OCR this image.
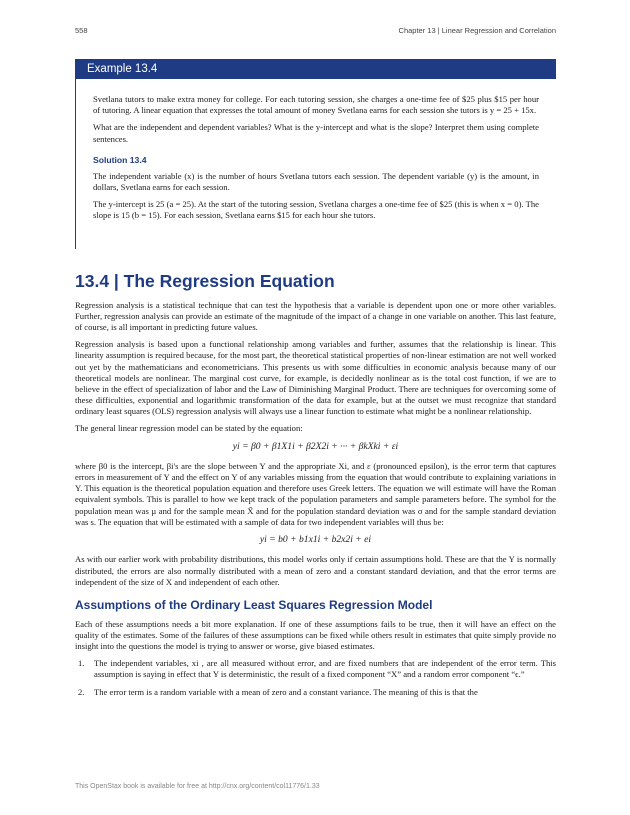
558	Chapter 13 | Linear Regression and Correlation
Example 13.4

Svetlana tutors to make extra money for college. For each tutoring session, she charges a one-time fee of $25 plus $15 per hour of tutoring. A linear equation that expresses the total amount of money Svetlana earns for each session she tutors is y = 25 + 15x.

What are the independent and dependent variables? What is the y-intercept and what is the slope? Interpret them using complete sentences.

Solution 13.4

The independent variable (x) is the number of hours Svetlana tutors each session. The dependent variable (y) is the amount, in dollars, Svetlana earns for each session.

The y-intercept is 25 (a = 25). At the start of the tutoring session, Svetlana charges a one-time fee of $25 (this is when x = 0). The slope is 15 (b = 15). For each session, Svetlana earns $15 for each hour she tutors.

13.4 | The Regression Equation

Regression analysis is a statistical technique that can test the hypothesis that a variable is dependent upon one or more other variables. Further, regression analysis can provide an estimate of the magnitude of the impact of a change in one variable on another. This last feature, of course, is all important in predicting future values.

Regression analysis is based upon a functional relationship among variables and further, assumes that the relationship is linear. This linearity assumption is required because, for the most part, the theoretical statistical properties of non-linear estimation are not well worked out yet by the mathematicians and econometricians. This presents us with some difficulties in economic analysis because many of our theoretical models are nonlinear. The marginal cost curve, for example, is decidedly nonlinear as is the total cost function, if we are to believe in the effect of specialization of labor and the Law of Diminishing Marginal Product. There are techniques for overcoming some of these difficulties, exponential and logarithmic transformation of the data for example, but at the outset we must recognize that standard ordinary least squares (OLS) regression analysis will always use a linear function to estimate what might be a nonlinear relationship.

The general linear regression model can be stated by the equation:

yi = β0 + β1X1i + β2X2i + ··· + βkXki + εi

where β0 is the intercept, βi's are the slope between Y and the appropriate Xi, and ε (pronounced epsilon), is the error term that captures errors in measurement of Y and the effect on Y of any variables missing from the equation that would contribute to explaining variations in Y. This equation is the theoretical population equation and therefore uses Greek letters. The equation we will estimate will have the Roman equivalent symbols. This is parallel to how we kept track of the population parameters and sample parameters before. The symbol for the population mean was µ and for the sample mean X̄ and for the population standard deviation was σ and for the sample standard deviation was s. The equation that will be estimated with a sample of data for two independent variables will thus be:

yi = b0 + b1x1i + b2x2i + ei

As with our earlier work with probability distributions, this model works only if certain assumptions hold. These are that the Y is normally distributed, the errors are also normally distributed with a mean of zero and a constant standard deviation, and that the error terms are independent of the size of X and independent of each other.

Assumptions of the Ordinary Least Squares Regression Model

Each of these assumptions needs a bit more explanation. If one of these assumptions fails to be true, then it will have an effect on the quality of the estimates. Some of the failures of these assumptions can be fixed while others result in estimates that quite simply provide no insight into the questions the model is trying to answer or worse, give biased estimates.

1. The independent variables, xi , are all measured without error, and are fixed numbers that are independent of the error term. This assumption is saying in effect that Y is deterministic, the result of a fixed component “X” and a random error component “ϵ.”
2. The error term is a random variable with a mean of zero and a constant variance. The meaning of this is that the
This OpenStax book is available for free at http://cnx.org/content/col11776/1.33
